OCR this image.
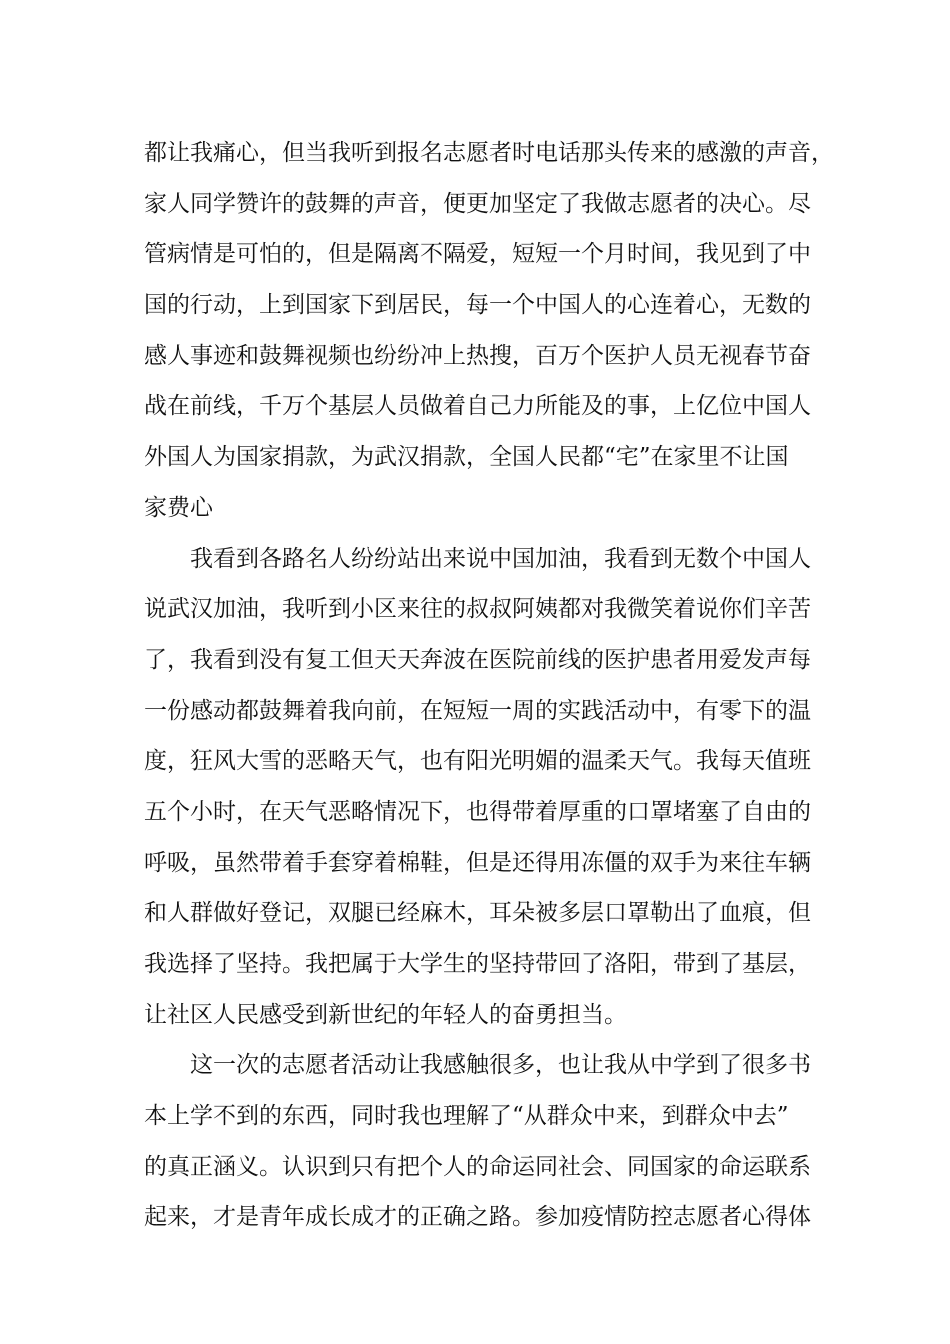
都让我痛心，但当我听到报名志愿者时电话那头传来的感激的声音，
家人同学赞许的鼓舞的声音，便更加坚定了我做志愿者的决心。尽
管病情是可怕的，但是隔离不隔爱，短短一个月时间，我见到了中
国的行动，上到国家下到居民，每一个中国人的心连着心，无数的
感人事迹和鼓舞视频也纷纷冲上热搜，百万个医护人员无视春节奋
战在前线，千万个基层人员做着自己力所能及的事，上亿位中国人
外国人为国家捐款，为武汉捐款，全国人民都“宅”在家里不让国
家费心
我看到各路名人纷纷站出来说中国加油，我看到无数个中国人
说武汉加油，我听到小区来往的叔叔阿姨都对我微笑着说你们辛苦
了，我看到没有复工但天天奔波在医院前线的医护患者用爱发声每
一份感动都鼓舞着我向前，在短短一周的实践活动中，有零下的温
度，狂风大雪的恶略天气，也有阳光明媚的温柔天气。我每天值班
五个小时，在天气恶略情况下，也得带着厚重的口罩堵塞了自由的
呼吸，虽然带着手套穿着棉鞋，但是还得用冻僵的双手为来往车辆
和人群做好登记，双腿已经麻木，耳朵被多层口罩勒出了血痕，但
我选择了坚持。我把属于大学生的坚持带回了洛阳，带到了基层，
让社区人民感受到新世纪的年轻人的奋勇担当。
这一次的志愿者活动让我感触很多，也让我从中学到了很多书
本上学不到的东西，同时我也理解了“从群众中来，到群众中去”
的真正涵义。认识到只有把个人的命运同社会、同国家的命运联系
起来，才是青年成长成才的正确之路。参加疫情防控志愿者心得体
